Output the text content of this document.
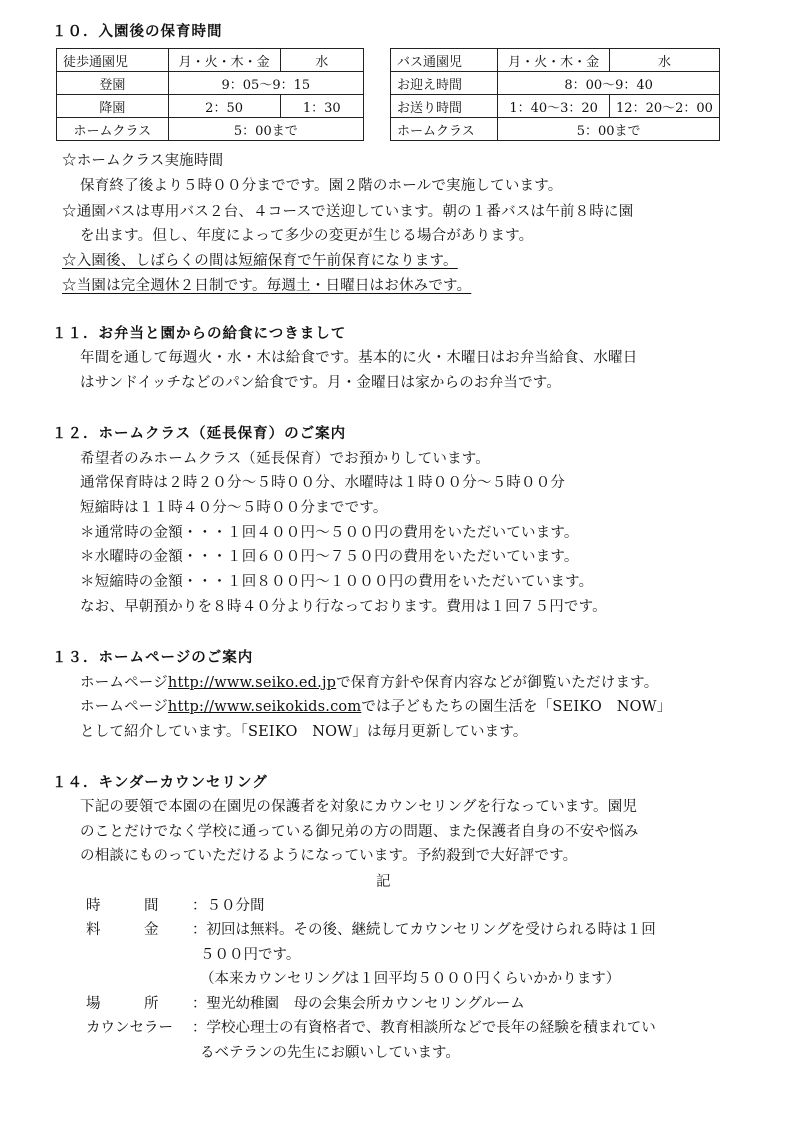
１０．入園後の保育時間
徒歩通園児	月・火・木・金	水
登園	9：05〜9：15	
降園	2：50	1：30
ホームクラス	5：00まで	
バス通園児	月・火・木・金	水
お迎え時間	8：00〜9：40	
お送り時間	1：40〜3：20	12：20〜2：00
ホームクラス	5：00まで	
☆ホームクラス実施時間
保育終了後より５時００分までです。園２階のホールで実施しています。
☆通園バスは専用バス２台、４コースで送迎しています。朝の１番バスは午前８時に園
を出ます。但し、年度によって多少の変更が生じる場合があります。
☆入園後、しばらくの間は短縮保育で午前保育になります。
☆当園は完全週休２日制です。毎週土・日曜日はお休みです。
１１．お弁当と園からの給食につきまして
年間を通して毎週火・水・木は給食です。基本的に火・木曜日はお弁当給食、水曜日
はサンドイッチなどのパン給食です。月・金曜日は家からのお弁当です。
１２．ホームクラス（延長保育）のご案内
希望者のみホームクラス（延長保育）でお預かりしています。
通常保育時は２時２０分〜５時００分、水曜時は１時００分〜５時００分
短縮時は１１時４０分〜５時００分までです。
＊通常時の金額・・・１回４００円〜５００円の費用をいただいています。
＊水曜時の金額・・・１回６００円〜７５０円の費用をいただいています。
＊短縮時の金額・・・１回８００円〜１０００円の費用をいただいています。
なお、早朝預かりを８時４０分より行なっております。費用は１回７５円です。
１３．ホームページのご案内
ホームページhttp://www.seiko.ed.jpで保育方針や保育内容などが御覧いただけます。
ホームページhttp://www.seikokids.comでは子どもたちの園生活を「SEIKO　NOW」
として紹介しています。「SEIKO　NOW」は毎月更新しています。
１４．キンダーカウンセリング
下記の要領で本園の在園児の保護者を対象にカウンセリングを行なっています。園児
のことだけでなく学校に通っている御兄弟の方の問題、また保護者自身の不安や悩み
の相談にものっていただけるようになっています。予約殺到で大好評です。
記
時　　　間 ：５０分間
料　　　金 ：初回は無料。その後、継続してカウンセリングを受けられる時は１回
５００円です。
（本来カウンセリングは１回平均５０００円くらいかかります）
場　　　所 ：聖光幼稚園　母の会集会所カウンセリングルーム
カウンセラー ：学校心理士の有資格者で、教育相談所などで長年の経験を積まれてい
るベテランの先生にお願いしています。
